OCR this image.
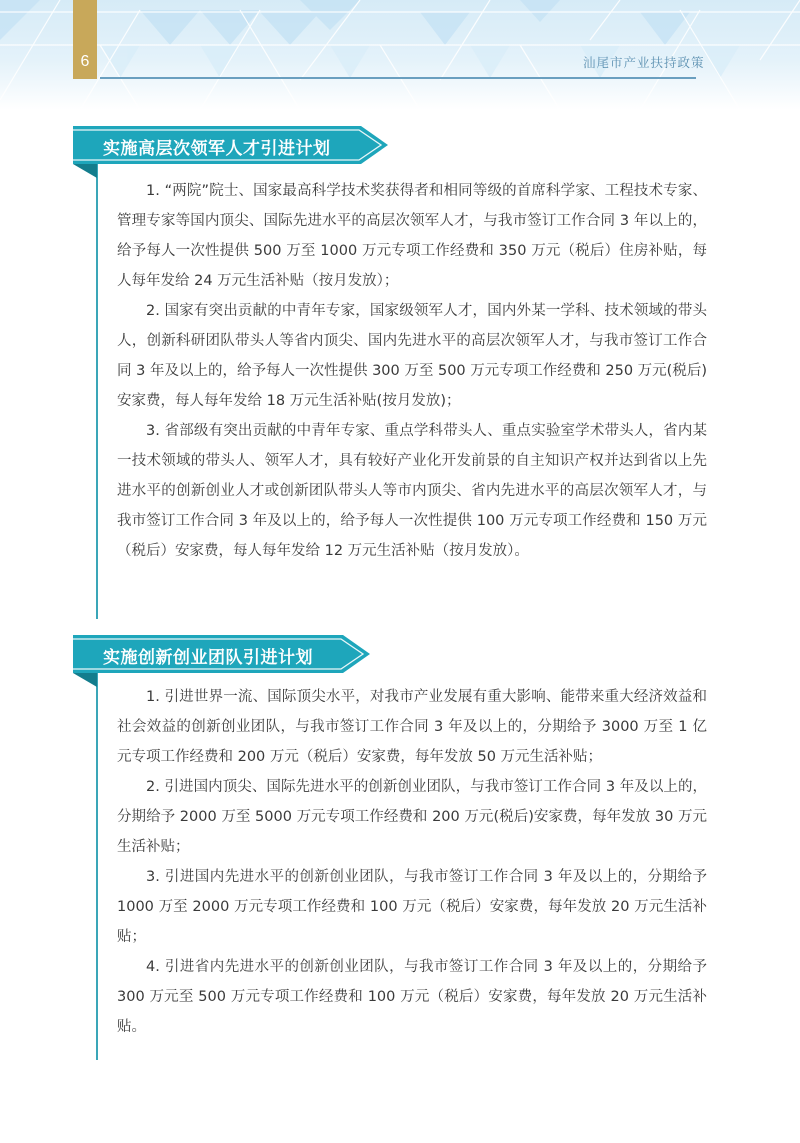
6	汕尾市产业扶持政策
实施高层次领军人才引进计划

1. “两院”院士、国家最高科学技术奖获得者和相同等级的首席科学家、工程技术专家、管理专家等国内顶尖、国际先进水平的高层次领军人才，与我市签订工作合同 3 年以上的，给予每人一次性提供 500 万至 1000 万元专项工作经费和 350 万元（税后）住房补贴，每人每年发给 24 万元生活补贴（按月发放）；

2. 国家有突出贡献的中青年专家，国家级领军人才，国内外某一学科、技术领域的带头人，创新科研团队带头人等省内顶尖、国内先进水平的高层次领军人才，与我市签订工作合同 3 年及以上的，给予每人一次性提供 300 万至 500 万元专项工作经费和 250 万元(税后)安家费，每人每年发给 18 万元生活补贴(按月发放)；

3. 省部级有突出贡献的中青年专家、重点学科带头人、重点实验室学术带头人，省内某一技术领域的带头人、领军人才，具有较好产业化开发前景的自主知识产权并达到省以上先进水平的创新创业人才或创新团队带头人等市内顶尖、省内先进水平的高层次领军人才，与我市签订工作合同 3 年及以上的，给予每人一次性提供 100 万元专项工作经费和 150 万元（税后）安家费，每人每年发给 12 万元生活补贴（按月发放）。

实施创新创业团队引进计划

1. 引进世界一流、国际顶尖水平，对我市产业发展有重大影响、能带来重大经济效益和社会效益的创新创业团队，与我市签订工作合同 3 年及以上的，分期给予 3000 万至 1 亿元专项工作经费和 200 万元（税后）安家费，每年发放 50 万元生活补贴；

2. 引进国内顶尖、国际先进水平的创新创业团队，与我市签订工作合同 3 年及以上的，分期给予 2000 万至 5000 万元专项工作经费和 200 万元(税后)安家费，每年发放 30 万元生活补贴；

3. 引进国内先进水平的创新创业团队，与我市签订工作合同 3 年及以上的，分期给予 1000 万至 2000 万元专项工作经费和 100 万元（税后）安家费，每年发放 20 万元生活补贴；

4. 引进省内先进水平的创新创业团队，与我市签订工作合同 3 年及以上的，分期给予 300 万元至 500 万元专项工作经费和 100 万元（税后）安家费，每年发放 20 万元生活补贴。
